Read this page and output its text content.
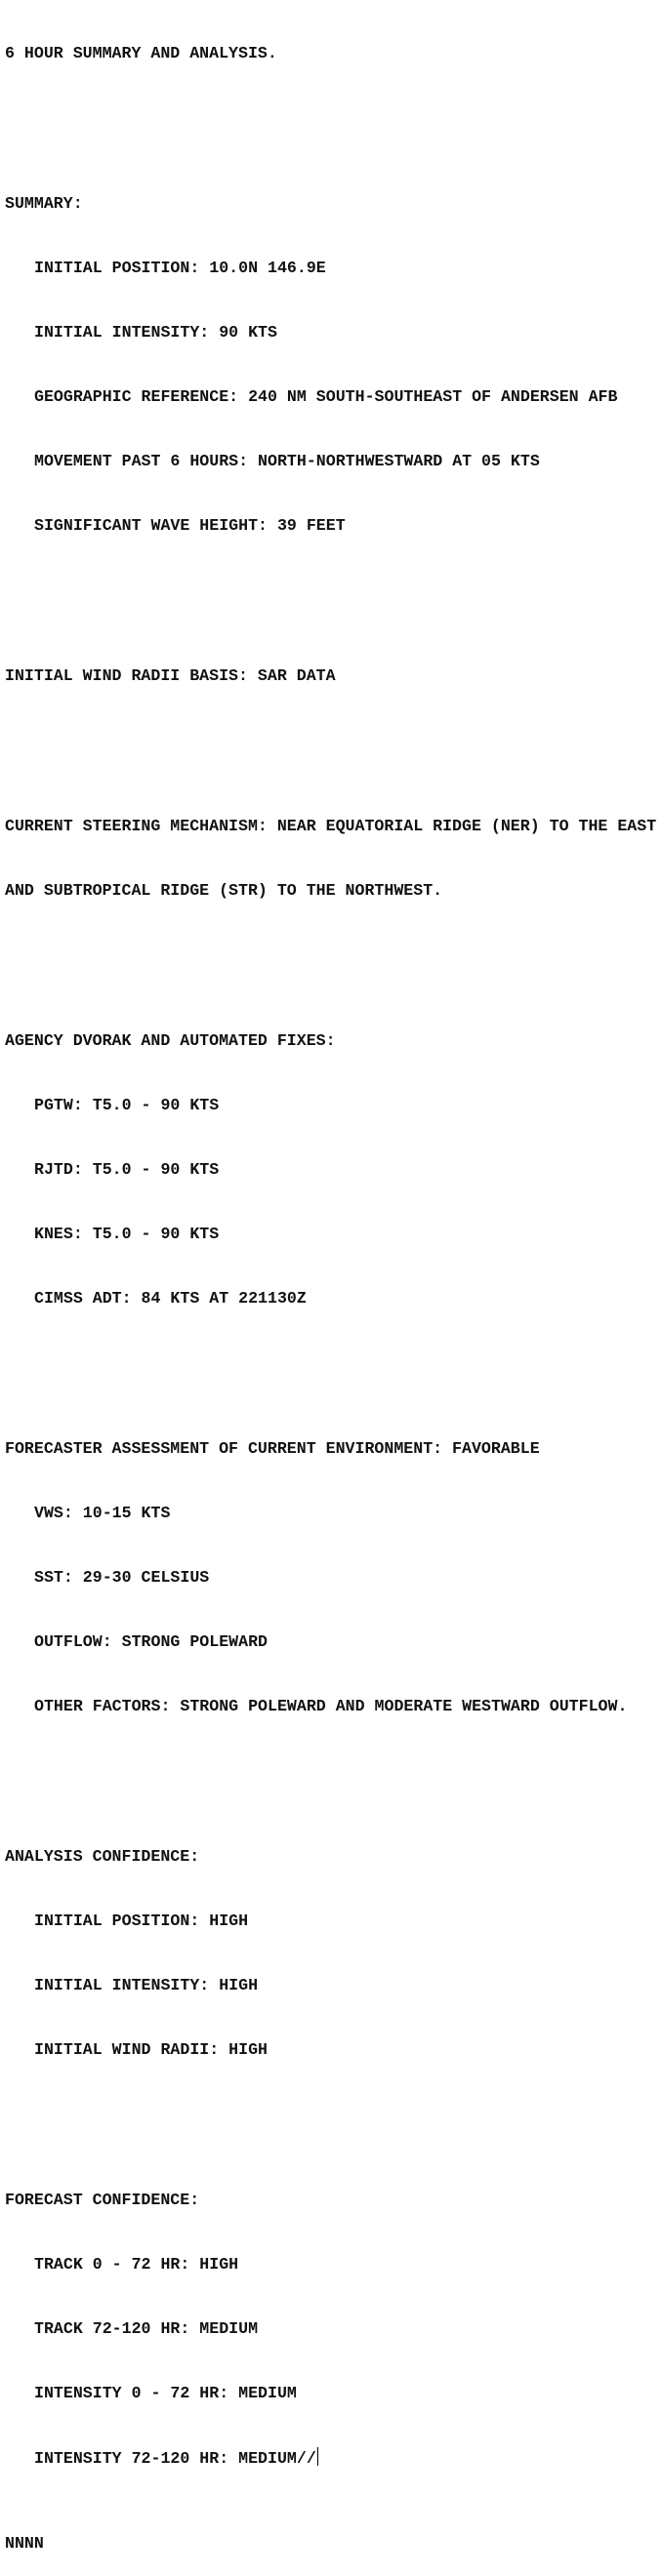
6 HOUR SUMMARY AND ANALYSIS.

SUMMARY:

INITIAL POSITION: 10.0N 146.9E

INITIAL INTENSITY: 90 KTS

GEOGRAPHIC REFERENCE: 240 NM SOUTH-SOUTHEAST OF ANDERSEN AFB

MOVEMENT PAST 6 HOURS: NORTH-NORTHWESTWARD AT 05 KTS

SIGNIFICANT WAVE HEIGHT: 39 FEET

INITIAL WIND RADII BASIS: SAR DATA

CURRENT STEERING MECHANISM: NEAR EQUATORIAL RIDGE (NER) TO THE EAST

AND SUBTROPICAL RIDGE (STR) TO THE NORTHWEST.

AGENCY DVORAK AND AUTOMATED FIXES:

PGTW: T5.0 - 90 KTS

RJTD: T5.0 - 90 KTS

KNES: T5.0 - 90 KTS

CIMSS ADT: 84 KTS AT 221130Z

FORECASTER ASSESSMENT OF CURRENT ENVIRONMENT: FAVORABLE

VWS: 10-15 KTS

SST: 29-30 CELSIUS

OUTFLOW: STRONG POLEWARD

OTHER FACTORS: STRONG POLEWARD AND MODERATE WESTWARD OUTFLOW.

ANALYSIS CONFIDENCE:

INITIAL POSITION: HIGH

INITIAL INTENSITY: HIGH

INITIAL WIND RADII: HIGH

FORECAST CONFIDENCE:

TRACK 0 - 72 HR: HIGH

TRACK 72-120 HR: MEDIUM

INTENSITY 0 - 72 HR: MEDIUM

INTENSITY 72-120 HR: MEDIUM//

NNNN
